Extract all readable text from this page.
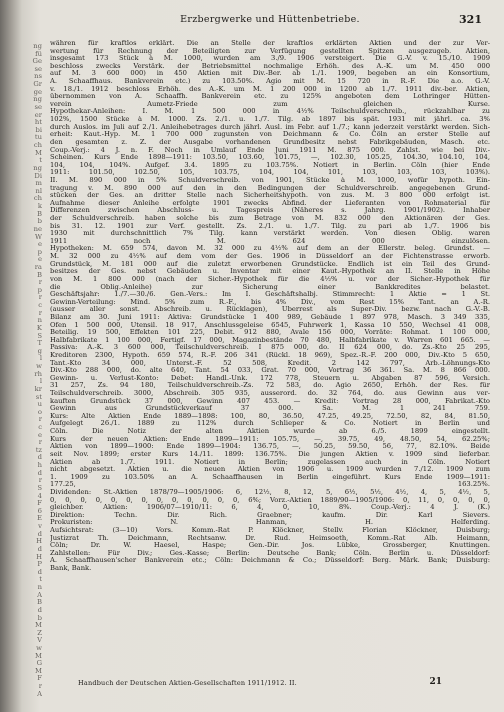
ng
fü
Ge
se
ns
Gr
ge
ng
se
er
ht
bi
tu
ch
M
t
ng
Di
m
nl
ch
k
B
b
ne
W
e
p
e
ra
B
r
p
r
c
r
n
K
S
T
g
l
w
rh
l
kr
st
u
o
r
c
e
r
tz
d
h
d
r
S
4
F
6
E
v
d
H
d
H
P
d
t
n
A
B
d
b
M
Z
V
w
M
G
M
F
r
A
Erzbergwerke und Hüttenbetriebe.	321
währen für kraftlos erklärt. Die an Stelle der kraftlos erklärten Aktien und der zur Ver-
wertung für Rechnung der Beteiligten zur Verfügung gestellten Spitzen ausgezugeb. Aktien,
insgesamt 173 Stück à M. 1000, wurden am 3./9. 1906 versteigert. Die G.-V. v. 15./10. 1909
beschloss zwecks Verstärk. der Betriebsmittel nochmalige Erhöh. des A.-K. um M. 450 000
auf M. 3 600 000) in 450 Aktien mit Div.-Ber. ab 1./1. 1909, begeben an ein Konsortium,
A. Schaaffhaus. Bankverein etc.) zu 103.50%. Agio mit M. 15 720 in R.-F. Die a.o. G.-V.
v. 18./1. 1912 beschloss Erhöh. des A.-K. um M. 1 200 000 in 1200 ab 1./7. 1911 div.-ber. Aktien,
übernommen von A. Schaaffh. Bankverein etc. zu 125% angeboten dem Lothringer Hütten-
verein Aumetz-Friede zum gleichen Kurse.
Hypothekar-Anleihen: I. M. 1 500 000 in 4½% Teilschuldverschreib., rückzahlbar zu
102%, 1500 Stücke à M. 1000. Zs. 2./1. u. 1./7. Tilg. ab 1897 bis spät. 1931 mit jährl. ca. 3%
durch Auslos. im Juli auf 2./1. Anleihebetrages durch jährl. Ausl. im Febr. auf 1./7.; kann jederzeit verstärkt werden. Sich-
erheit: Kaut.-Hyp. M. 1 700 000 zugunsten von Deichmann & Co. Cöln an erster Stelle auf
den gesamten z. Z. der Ausgabe vorhandenen Grundbesitz nebst Fabrikgebäuden, Masch. etc.
Coup.-Verj.: 4 J. n. F. Noch in Umlauf Ende Juni 1911 M. 875 000. Zahlst. wie bei Div.-
Scheinen. Kurs Ende 1898—1911: 103.50, 103.60, 101.75, —, 102.30, 105.25, 104.30, 104.10, 104,
104, 104, 104%. Aufgef. 3.4. 1895 zu 103.75%. Notiert in Berlin. Cöln (hier Ende
1911: 101.50, 102.50, 105, 103.75, 104, 104, 101, 103, 103, 103, 103%).
II. M. 890 000 in 5% Schuldverschreib. von 1901, Stücke à M. 1000, wofür hypoth. Ein-
tragung v. M. 890 000 auf den in den Bedingungen der Schuldverschreib. angegebenen Grund-
stücken der Ges. an dritter Stelle nach Sicherheitshypoth. von zus. M. 3 800 000 erfolgt ist.
Aufnahme dieser Anleihe erfolgte 1901 zwecks Abfind. der Lieferanten von Rohmaterial für
Differenzen zwischen Abschluss- u. Tagespreis (Näheres s. Jahrg. 1901/1902). Inhaber
der Schuldverschreib. haben solche bis zum Betrage von M. 832 000 den Aktionären der Ges.
bis 31. 12. 1901 zur Verf. gestellt. Zs. 2./1. u. 1./7. Tilg. zu pari ab 1./7. 1906 bis
1930 mit durchschnittlich 7% Tilg. kann verstärkt werden. Von diesen Oblig. waren
1911 noch M. 624 000 einzulösen.
Hypotheken: M. 659 574, davon M. 32 000 zu 4½% auf dem an der Ellerstr. beleg. Grundst. —
M. 32 000 zu 4½% auf dem vom der Ges. 1906 in Düsseldorf an der Fichtenstrasse erworb.
Grundstück, M. 181 000 auf die zuletzt erworbenen Grundstücke. Endlich ist ein Teil des Grund-
besitzes der Ges. nebst Gebäuden u. Inventar mit einer Kaut.-Hypothek an II. Stelle in Höhe
von M. 1 800 000 (nach der Sicher.-Hypothek für die 4½% u. vor der Sicher.-Hypothek für
die Oblig.-Anleihe) zur Sicherung einer Bankkredites belastet.
Geschäftsjahr: 1./7.—30./6. Gen.-Vers.: Im I. Geschäftshalbj. Stimmrecht: 1 Aktie = 1 St.
Gewinn-Verteilung: Mind. 5% zum R.-F., bis 4% Div., vom Rest 15% Tant. an A.-R.
(ausser aller sonst. Abschreib. u. Rücklagen), Überrest als Super-Div. bezw. nach G.-V.-B.
Bilanz am 30. Juni 1911: Aktiva: Grundstücke 1 400 989, Gebäude 1 897 978, Masch. 3 349 335,
Öfen 1 500 000, Utensil. 18 917, Anschlussgeleise 6545, Fuhrwerk 1, Kassa 10 550, Wechsel 41 008,
Beteilig. 19 500, Effekten 101 225, Debit. 912 880, Avale 156 000, Vorräte: Rohmat. 1 100 000,
Halbfabrikate 1 100 000, Fertigf. 17 000, Magazinbestände 70 480, Halbfabrikate v. Warren 601 665. —
Passiva: A.-K. 3 600 000, Teilschuldverschreib. I 875 000, do. II 624 000, do. Zs.-Kto 25 295,
Kreditoren 2300, Hypoth. 659 574, R.-F. 206 341 (Rückl. 18 969), Spez.-R.-F. 200 000, Div.-Kto 5 650,
Tant.-Kto 34 000, Unterst.-F. 52 508, Kredit. 2 142 797, Arb.-Löhnungs-Kto
Div.-Kto 288 000, do. alte 640, Tant. 54 033, Grat. 70 000, Vortrag 36 361. Sa. M. 8 866 000.
Gewinn- u. Verlust-Konto: Debet: Handl.-Unk. 172 778, Steuern u. Abgaben 87 596, Versich.
31 257, Zs. 94 180, Teilschuldverschreib.-Zs. 72 583, do. Agio 2650, Erhöh. der Res. für
Teilschuldverschreib. 3000, Abschreib. 305 935, ausserord. do. 32 764, do. aus Gewinn aus ver-
kauften Grundstück 37 000, Gewinn 407 453. — Kredit: Vortrag 28 000, Fabrikat.-Kto
Gewinn aus Grundstückverkauf 37 000. Sa. M. 1 241 759.
Kurs: Alte Aktien Ende 1889—1898: 100, 80, 36.50, 47.25, 49.25, 72.50, 82, 84, 81.50,
Aufgelegt 26./1. 1889 zu 112% durch Schlieper & Co. Notiert in Berlin und
Cöln. Die Notiz der alten Aktien wurde ab 6./5. 1899 eingestellt.
Kurs der neuen Aktien: Ende 1899—1911: 105.75, —, 39.75, 49, 48.50, 54, 62.25%;
Aktien von 1899—1900: Ende 1899—1904: 136.75, —, 50.25, 59.50, 56, 77, 82.10%. Beide
seit Nov. 1899; erster Kurs 14./11. 1899: 136.75%. Die jungen Aktien v. 1909 sind lieferbar.
Aktien ab 1./7. 1911. Notiert in Berlin; zugelassen auch in Cöln. Notiert
nicht abgesetzt. Aktien u. die neuen Aktien von 1906 u. 1909 wurden 7./12. 1909 zum
1. 1909 zu 103.50% an A. Schaaffhausen in Berlin eingeführt. Kurs Ende 1909—1911:
177.25, 163.25%.
Dividenden: St.-Aktien 1878/79—1905/1906: 6, 12½, 8, 12, 5, 6½, 5½, 4½, 4, 5, 4½, 5,
0, 0, 0, 0, 0, 0, 0, 0, 0, 0, 0, 0, 0, 6%; Vorz.-Aktien 1889/90—1905/1906: 0, 11, 0, 0, 0, 0,
gleichber. Aktien: 1906/07—1910/11: 6, 4, 0, 10, 8%. Coup.-Verj.: 4 J. (K.)
Direktion: Techn. Dir. Rich. Graebner; kaufm. Dir. Karl Sievers.
Prokuristen: N. Hanman, H. Helferding.
Aufsichtsrat: (3—10) Vors. Komm.-Rat P. Klöckner, Stellv. Florian Klöckner, Duisburg;
Justizrat Th. Deichmann, Rechtsanw. Dr. Rud. Heimsoeth, Komm.-Rat Alb. Heimann,
Cöln; Dr. W. Haesel, Haspe; Gen.-Dir. Jos. Lübke, Grossberger, Knuttingen.
Zahlstellen: Für Div.; Ges.-Kasse; Berlin: Deutsche Bank; Cöln. Berlin u. Düsseldorf:
A. Schaaffhausen'scher Bankverein etc.; Cöln: Deichmann & Co.; Düsseldorf: Berg. Märk. Bank; Duisburg:
Bank, Bank.
Handbuch der Deutschen Aktien-Gesellschaften 1911/1912. II.	21
